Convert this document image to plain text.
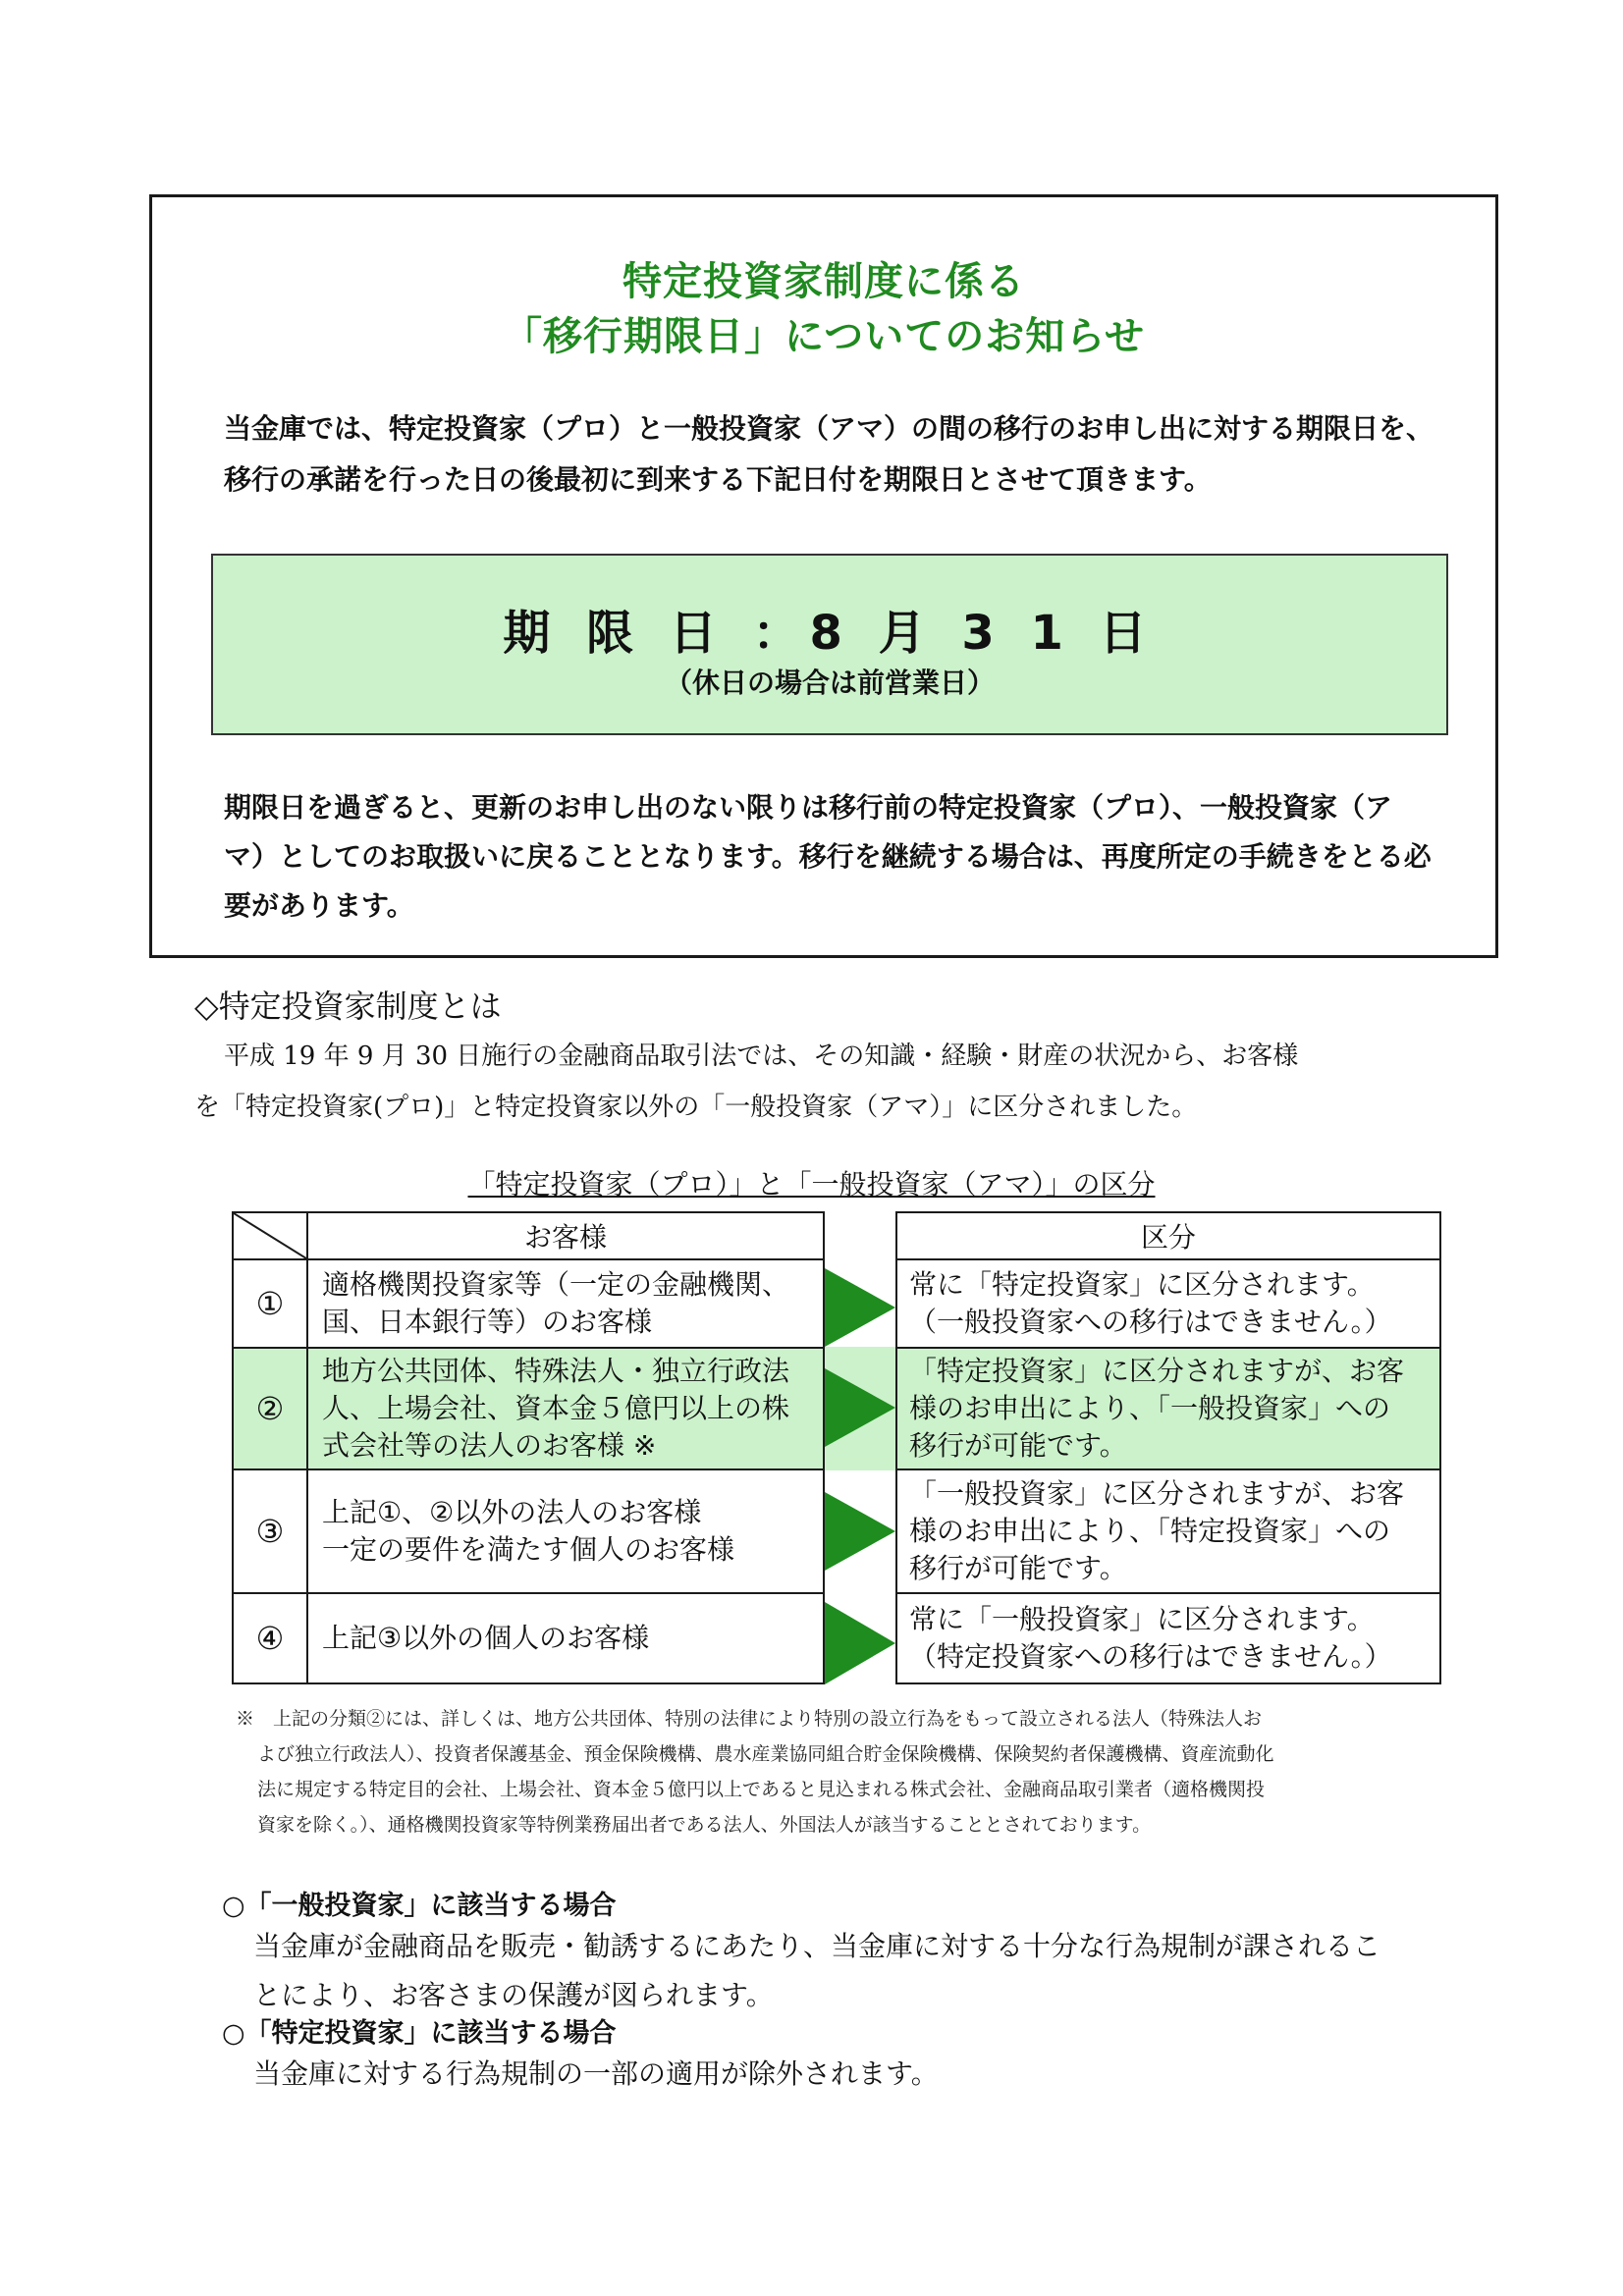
特定投資家制度に係る
「移行期限日」についてのお知らせ
当金庫では、特定投資家（プロ）と一般投資家（アマ）の間の移行のお申し出に対する期限日を、
移行の承諾を行った日の後最初に到来する下記日付を期限日とさせて頂きます。
期 限 日 ：8 月 3 1 日
（休日の場合は前営業日）
期限日を過ぎると、更新のお申し出のない限りは移行前の特定投資家（プロ）、一般投資家（ア
マ）としてのお取扱いに戻ることとなります。移行を継続する場合は、再度所定の手続きをとる必
要があります。
◇特定投資家制度とは
平成 19 年 9 月 30 日施行の金融商品取引法では、その知識・経験・財産の状況から、お客様
を「特定投資家(プロ)」と特定投資家以外の「一般投資家（アマ）」に区分されました。
「特定投資家（プロ）」と「一般投資家（アマ）」の区分
お客様	区分
①
適格機関投資家等（一定の金融機関、
国、日本銀行等）のお客様
常に「特定投資家」に区分されます。
（一般投資家への移行はできません。）
②
地方公共団体、特殊法人・独立行政法
人、上場会社、資本金５億円以上の株
式会社等の法人のお客様 ※
「特定投資家」に区分されますが、お客
様のお申出により、「一般投資家」への
移行が可能です。
③
上記①、②以外の法人のお客様
一定の要件を満たす個人のお客様
「一般投資家」に区分されますが、お客
様のお申出により、「特定投資家」への
移行が可能です。
④	上記③以外の個人のお客様
常に「一般投資家」に区分されます。
（特定投資家への移行はできません。）
※　上記の分類②には、詳しくは、地方公共団体、特別の法律により特別の設立行為をもって設立される法人（特殊法人お
よび独立行政法人）、投資者保護基金、預金保険機構、農水産業協同組合貯金保険機構、保険契約者保護機構、資産流動化
法に規定する特定目的会社、上場会社、資本金５億円以上であると見込まれる株式会社、金融商品取引業者（適格機関投
資家を除く。）、通格機関投資家等特例業務届出者である法人、外国法人が該当することとされております。
○「一般投資家」に該当する場合
当金庫が金融商品を販売・勧誘するにあたり、当金庫に対する十分な行為規制が課されるこ
とにより、お客さまの保護が図られます。
○「特定投資家」に該当する場合
当金庫に対する行為規制の一部の適用が除外されます。
